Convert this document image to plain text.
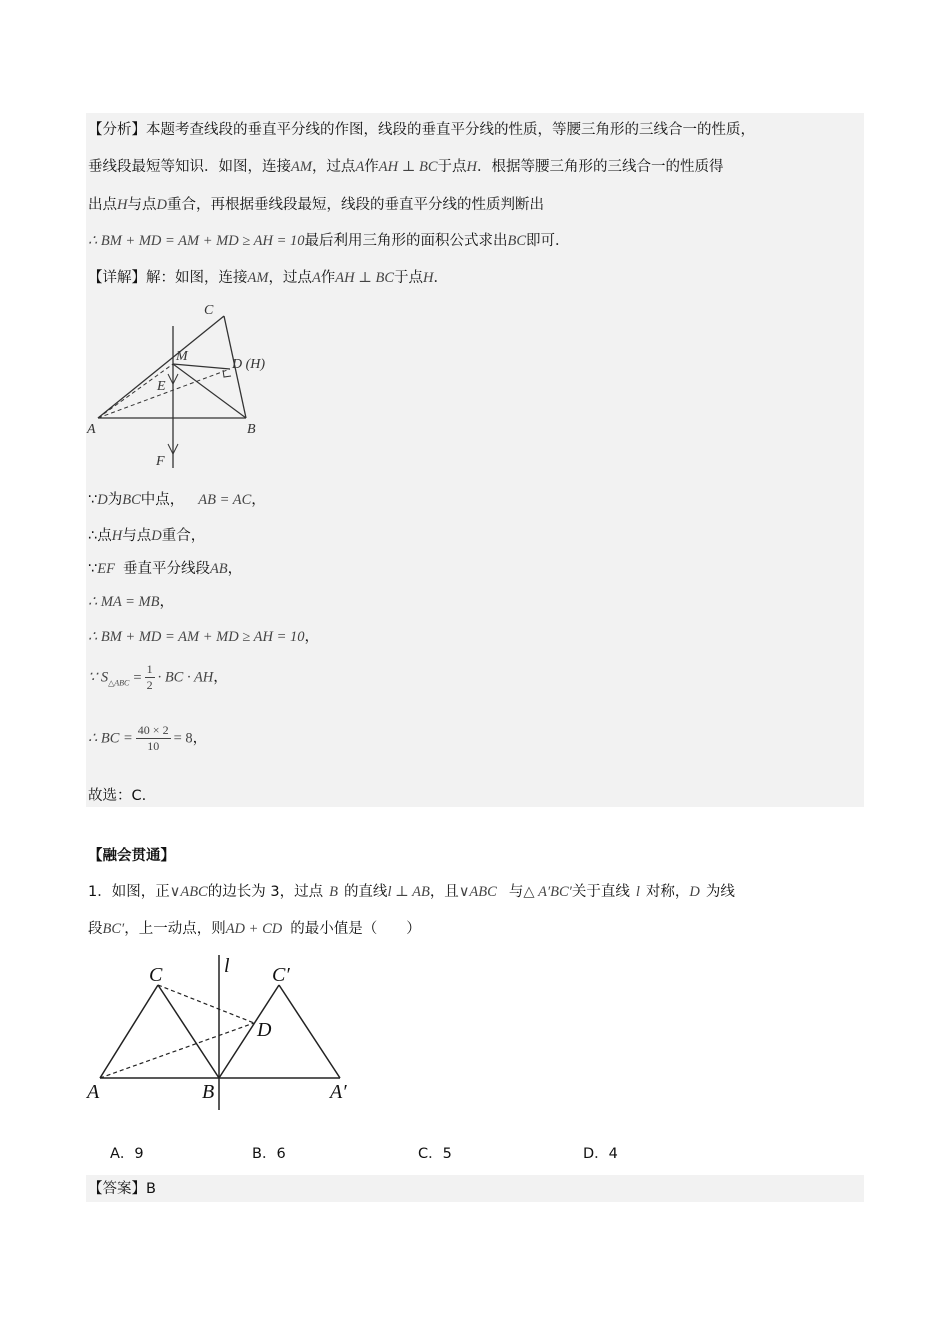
【分析】本题考查线段的垂直平分线的作图，线段的垂直平分线的性质，等腰三角形的三线合一的性质，
垂线段最短等知识．如图，连接AM，过点A作AH ⊥ BC于点H．根据等腰三角形的三线合一的性质得
出点H与点D重合，再根据垂线段最短，线段的垂直平分线的性质判断出
∴ BM + MD = AM + MD ≥ AH = 10最后利用三角形的面积公式求出BC即可．
【详解】解：如图，连接AM，过点A作AH ⊥ BC于点H．
C
M
D (H)
E
A	B
F
∵D为BC中点， AB = AC，
∴点H与点D重合，
∵EF 垂直平分线段AB，
∴ MA = MB，
∴ BM + MD = AM + MD ≥ AH = 10，
∵ $S_{\triangle ABC} = \frac{1}{2}$ · BC · AH，
∴ BC = $\frac{40 \times 2}{10} = 8$，
故选：C.
【融会贯通】
1．如图，正∨ABC的边长为 3，过点 B 的直线l ⊥ AB，且∨ABC 与△ A′BC′关于直线 l 对称，D 为线
段BC′，上一动点，则AD + CD 的最小值是（　　）
C	l C′
D
A	B	A′
A．9	B．6	C．5	D．4
【答案】B
